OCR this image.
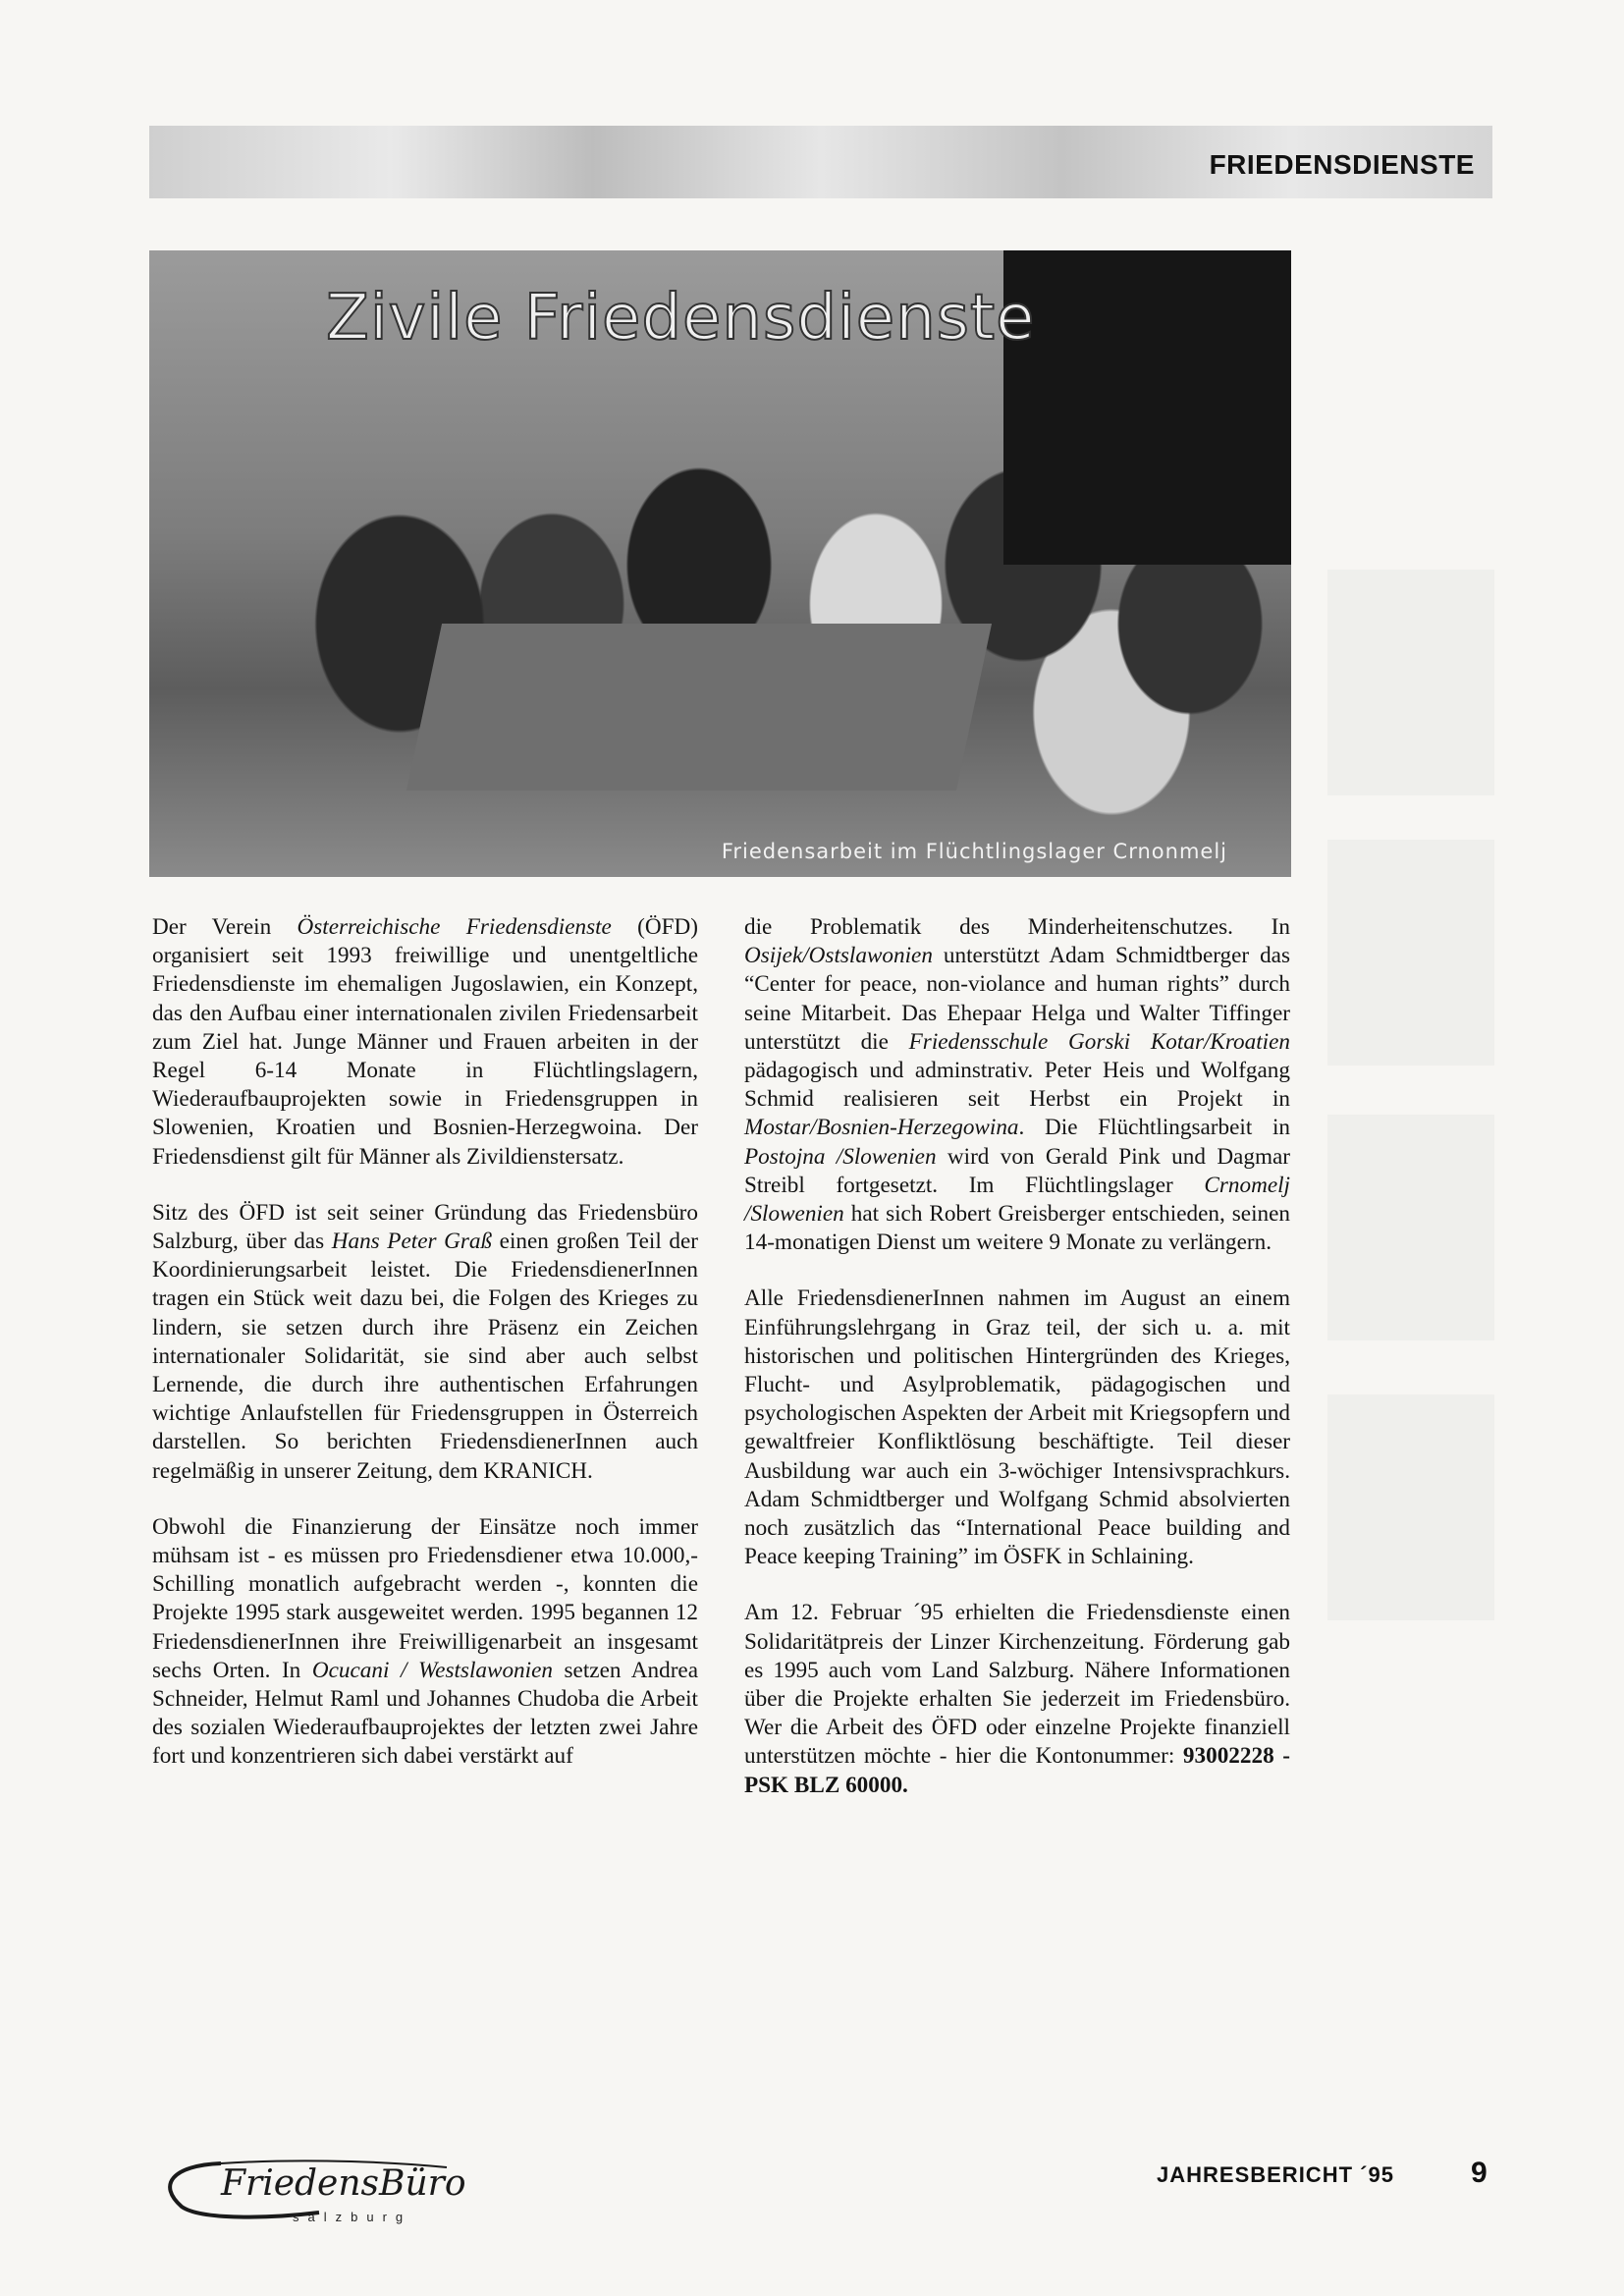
FRIEDENSDIENSTE
Zivile Friedensdienste
Friedensarbeit im Flüchtlingslager Crnonmelj

Der Verein Österreichische Friedensdienste (ÖFD) organisiert seit 1993 freiwillige und unentgeltliche Friedensdienste im ehemaligen Jugoslawien, ein Konzept, das den Aufbau einer internationalen zivilen Friedensarbeit zum Ziel hat. Junge Männer und Frauen arbeiten in der Regel 6-14 Monate in Flüchtlingslagern, Wiederaufbauprojekten sowie in Friedensgruppen in Slowenien, Kroatien und Bosnien-Herzegwoina. Der Friedensdienst gilt für Männer als Zivildienstersatz.

Sitz des ÖFD ist seit seiner Gründung das Friedensbüro Salzburg, über das Hans Peter Graß einen großen Teil der Koordinierungsarbeit leistet. Die FriedensdienerInnen tragen ein Stück weit dazu bei, die Folgen des Krieges zu lindern, sie setzen durch ihre Präsenz ein Zeichen internationaler Solidarität, sie sind aber auch selbst Lernende, die durch ihre authentischen Erfahrungen wichtige Anlaufstellen für Friedensgruppen in Österreich darstellen. So berichten FriedensdienerInnen auch regelmäßig in unserer Zeitung, dem KRANICH.

Obwohl die Finanzierung der Einsätze noch immer mühsam ist - es müssen pro Friedensdiener etwa 10.000,- Schilling monatlich aufgebracht werden -, konnten die Projekte 1995 stark ausgeweitet werden. 1995 begannen 12 FriedensdienerInnen ihre Freiwilligenarbeit an insgesamt sechs Orten. In Ocucani / Westslawonien setzen Andrea Schneider, Helmut Raml und Johannes Chudoba die Arbeit des sozialen Wiederaufbauprojektes der letzten zwei Jahre fort und konzentrieren sich dabei verstärkt auf

die Problematik des Minderheitenschutzes. In Osijek/Ostslawonien unterstützt Adam Schmidtberger das “Center for peace, non-violance and human rights” durch seine Mitarbeit. Das Ehepaar Helga und Walter Tiffinger unterstützt die Friedensschule Gorski Kotar/Kroatien pädagogisch und adminstrativ. Peter Heis und Wolfgang Schmid realisieren seit Herbst ein Projekt in Mostar/Bosnien-Herzegowina. Die Flüchtlingsarbeit in Postojna /Slowenien wird von Gerald Pink und Dagmar Streibl fortgesetzt. Im Flüchtlingslager Crnomelj /Slowenien hat sich Robert Greisberger entschieden, seinen 14-monatigen Dienst um weitere 9 Monate zu verlängern.

Alle FriedensdienerInnen nahmen im August an einem Einführungslehrgang in Graz teil, der sich u. a. mit historischen und politischen Hintergründen des Krieges, Flucht- und Asylproblematik, pädagogischen und psychologischen Aspekten der Arbeit mit Kriegsopfern und gewaltfreier Konfliktlösung beschäftigte. Teil dieser Ausbildung war auch ein 3-wöchiger Intensivsprachkurs. Adam Schmidtberger und Wolfgang Schmid absolvierten noch zusätzlich das “International Peace building and Peace keeping Training” im ÖSFK in Schlaining.

Am 12. Februar ´95 erhielten die Friedensdienste einen Solidaritätpreis der Linzer Kirchenzeitung. Förderung gab es 1995 auch vom Land Salzburg. Nähere Informationen über die Projekte erhalten Sie jederzeit im Friedensbüro. Wer die Arbeit des ÖFD oder einzelne Projekte finanziell unterstützen möchte - hier die Kontonummer: 93002228 - PSK BLZ 60000.

FriedensBüro
salzburg
JAHRESBERICHT ´95	9
